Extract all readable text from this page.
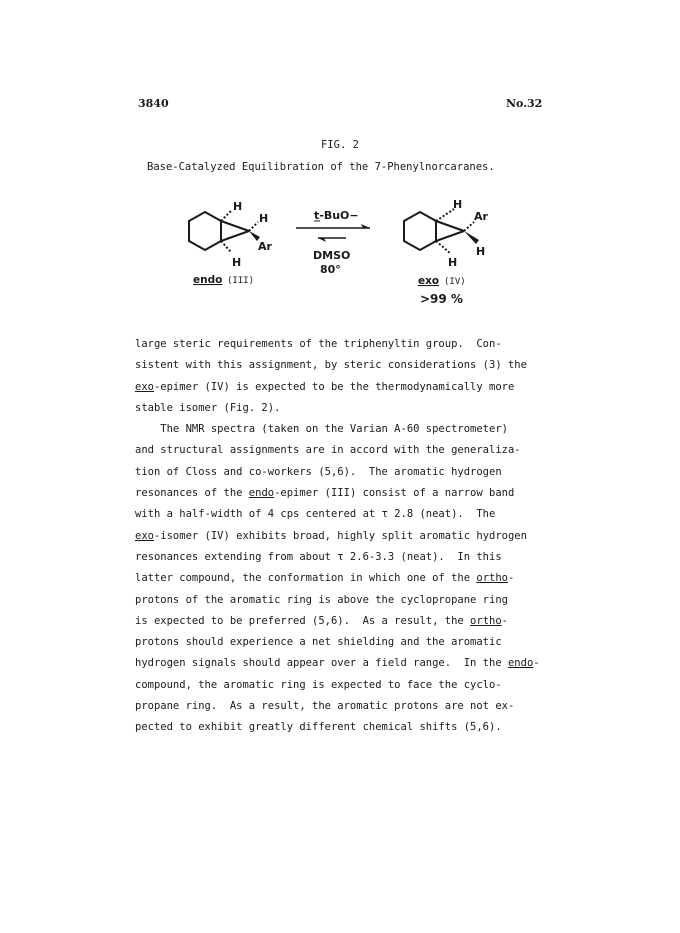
3840	No.32
FIG. 2
Base-Catalyzed Equilibration of the 7-Phenylnorcaranes.
H
H
Ar
H
endo (III)
t-BuO−
DMSO
80°
H
Ar
H
H
exo (IV)
>99 %
large steric requirements of the triphenyltin group.  Con-
sistent with this assignment, by steric considerations (3) the
exo-epimer (IV) is expected to be the thermodynamically more
stable isomer (Fig. 2).
The NMR spectra (taken on the Varian A-60 spectrometer)
and structural assignments are in accord with the generaliza-
tion of Closs and co-workers (5,6).  The aromatic hydrogen
resonances of the endo-epimer (III) consist of a narrow band
with a half-width of 4 cps centered at τ 2.8 (neat).  The
exo-isomer (IV) exhibits broad, highly split aromatic hydrogen
resonances extending from about τ 2.6-3.3 (neat).  In this
latter compound, the conformation in which one of the ortho-
protons of the aromatic ring is above the cyclopropane ring
is expected to be preferred (5,6).  As a result, the ortho-
protons should experience a net shielding and the aromatic
hydrogen signals should appear over a field range.  In the endo-
compound, the aromatic ring is expected to face the cyclo-
propane ring.  As a result, the aromatic protons are not ex-
pected to exhibit greatly different chemical shifts (5,6).
